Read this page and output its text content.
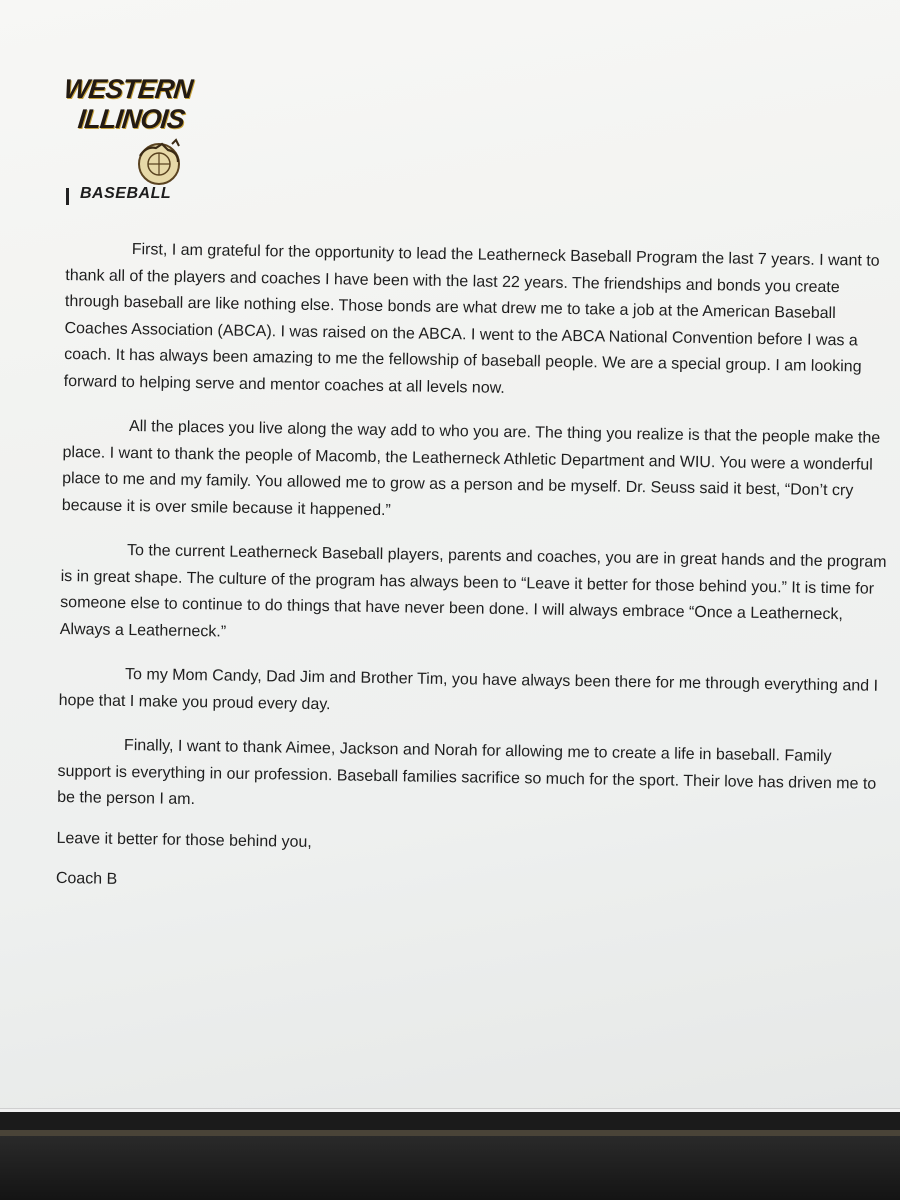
WESTERN
ILLINOIS
BASEBALL

First, I am grateful for the opportunity to lead the Leatherneck Baseball Program the last 7 years. I want to thank all of the players and coaches I have been with the last 22 years. The friendships and bonds you create through baseball are like nothing else. Those bonds are what drew me to take a job at the American Baseball Coaches Association (ABCA). I was raised on the ABCA. I went to the ABCA National Convention before I was a coach. It has always been amazing to me the fellowship of baseball people. We are a special group. I am looking forward to helping serve and mentor coaches at all levels now.

All the places you live along the way add to who you are. The thing you realize is that the people make the place. I want to thank the people of Macomb, the Leatherneck Athletic Department and WIU. You were a wonderful place to me and my family. You allowed me to grow as a person and be myself. Dr. Seuss said it best, “Don’t cry because it is over smile because it happened.”

To the current Leatherneck Baseball players, parents and coaches, you are in great hands and the program is in great shape. The culture of the program has always been to “Leave it better for those behind you.” It is time for someone else to continue to do things that have never been done. I will always embrace “Once a Leatherneck, Always a Leatherneck.”

To my Mom Candy, Dad Jim and Brother Tim, you have always been there for me through everything and I hope that I make you proud every day.

Finally, I want to thank Aimee, Jackson and Norah for allowing me to create a life in baseball. Family support is everything in our profession. Baseball families sacrifice so much for the sport. Their love has driven me to be the person I am.

Leave it better for those behind you,

Coach B
